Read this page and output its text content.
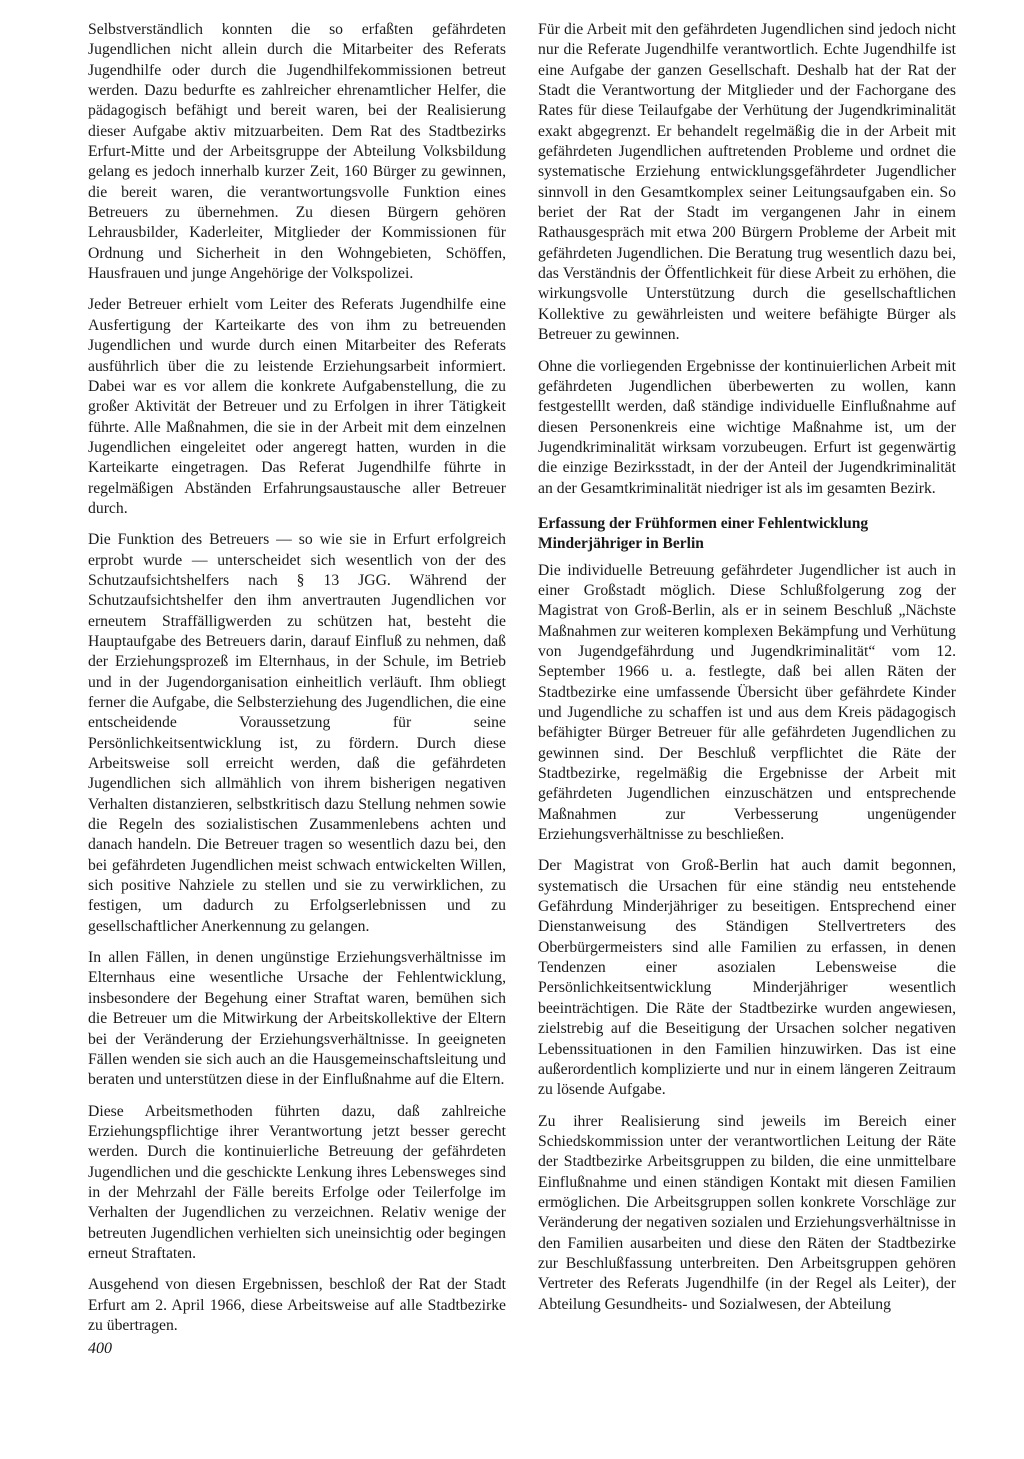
Selbstverständlich konnten die so erfaßten gefährdeten Jugendlichen nicht allein durch die Mitarbeiter des Referats Jugendhilfe oder durch die Jugendhilfekommissionen betreut werden. Dazu bedurfte es zahlreicher ehrenamtlicher Helfer, die pädagogisch befähigt und bereit waren, bei der Realisierung dieser Aufgabe aktiv mitzuarbeiten. Dem Rat des Stadtbezirks Erfurt-Mitte und der Arbeitsgruppe der Abteilung Volksbildung gelang es jedoch innerhalb kurzer Zeit, 160 Bürger zu gewinnen, die bereit waren, die verantwortungsvolle Funktion eines Betreuers zu übernehmen. Zu diesen Bürgern gehören Lehrausbilder, Kaderleiter, Mitglieder der Kommissionen für Ordnung und Sicherheit in den Wohngebieten, Schöffen, Hausfrauen und junge Angehörige der Volkspolizei.

Jeder Betreuer erhielt vom Leiter des Referats Jugendhilfe eine Ausfertigung der Karteikarte des von ihm zu betreuenden Jugendlichen und wurde durch einen Mitarbeiter des Referats ausführlich über die zu leistende Erziehungsarbeit informiert. Dabei war es vor allem die konkrete Aufgabenstellung, die zu großer Aktivität der Betreuer und zu Erfolgen in ihrer Tätigkeit führte. Alle Maßnahmen, die sie in der Arbeit mit dem einzelnen Jugendlichen eingeleitet oder angeregt hatten, wurden in die Karteikarte eingetragen. Das Referat Jugendhilfe führte in regelmäßigen Abständen Erfahrungsaustausche aller Betreuer durch.

Die Funktion des Betreuers — so wie sie in Erfurt erfolgreich erprobt wurde — unterscheidet sich wesentlich von der des Schutzaufsichtshelfers nach § 13 JGG. Während der Schutzaufsichtshelfer den ihm anvertrauten Jugendlichen vor erneutem Straffälligwerden zu schützen hat, besteht die Hauptaufgabe des Betreuers darin, darauf Einfluß zu nehmen, daß der Erziehungsprozeß im Elternhaus, in der Schule, im Betrieb und in der Jugendorganisation einheitlich verläuft. Ihm obliegt ferner die Aufgabe, die Selbsterziehung des Jugendlichen, die eine entscheidende Voraussetzung für seine Persönlichkeitsentwicklung ist, zu fördern. Durch diese Arbeitsweise soll erreicht werden, daß die gefährdeten Jugendlichen sich allmählich von ihrem bisherigen negativen Verhalten distanzieren, selbstkritisch dazu Stellung nehmen sowie die Regeln des sozialistischen Zusammenlebens achten und danach handeln. Die Betreuer tragen so wesentlich dazu bei, den bei gefährdeten Jugendlichen meist schwach entwickelten Willen, sich positive Nahziele zu stellen und sie zu verwirklichen, zu festigen, um dadurch zu Erfolgserlebnissen und zu gesellschaftlicher Anerkennung zu gelangen.

In allen Fällen, in denen ungünstige Erziehungsverhältnisse im Elternhaus eine wesentliche Ursache der Fehlentwicklung, insbesondere der Begehung einer Straftat waren, bemühen sich die Betreuer um die Mitwirkung der Arbeitskollektive der Eltern bei der Veränderung der Erziehungsverhältnisse. In geeigneten Fällen wenden sie sich auch an die Hausgemeinschaftsleitung und beraten und unterstützen diese in der Einflußnahme auf die Eltern.

Diese Arbeitsmethoden führten dazu, daß zahlreiche Erziehungspflichtige ihrer Verantwortung jetzt besser gerecht werden. Durch die kontinuierliche Betreuung der gefährdeten Jugendlichen und die geschickte Lenkung ihres Lebensweges sind in der Mehrzahl der Fälle bereits Erfolge oder Teilerfolge im Verhalten der Jugendlichen zu verzeichnen. Relativ wenige der betreuten Jugendlichen verhielten sich uneinsichtig oder begingen erneut Straftaten.

Ausgehend von diesen Ergebnissen, beschloß der Rat der Stadt Erfurt am 2. April 1966, diese Arbeitsweise auf alle Stadtbezirke zu übertragen.

Für die Arbeit mit den gefährdeten Jugendlichen sind jedoch nicht nur die Referate Jugendhilfe verantwortlich. Echte Jugendhilfe ist eine Aufgabe der ganzen Gesellschaft. Deshalb hat der Rat der Stadt die Verantwortung der Mitglieder und der Fachorgane des Rates für diese Teilaufgabe der Verhütung der Jugendkriminalität exakt abgegrenzt. Er behandelt regelmäßig die in der Arbeit mit gefährdeten Jugendlichen auftretenden Probleme und ordnet die systematische Erziehung entwicklungsgefährdeter Jugendlicher sinnvoll in den Gesamtkomplex seiner Leitungsaufgaben ein. So beriet der Rat der Stadt im vergangenen Jahr in einem Rathausgespräch mit etwa 200 Bürgern Probleme der Arbeit mit gefährdeten Jugendlichen. Die Beratung trug wesentlich dazu bei, das Verständnis der Öffentlichkeit für diese Arbeit zu erhöhen, die wirkungsvolle Unterstützung durch die gesellschaftlichen Kollektive zu gewährleisten und weitere befähigte Bürger als Betreuer zu gewinnen.

Ohne die vorliegenden Ergebnisse der kontinuierlichen Arbeit mit gefährdeten Jugendlichen überbewerten zu wollen, kann festgestelllt werden, daß ständige individuelle Einflußnahme auf diesen Personenkreis eine wichtige Maßnahme ist, um der Jugendkriminalität wirksam vorzubeugen. Erfurt ist gegenwärtig die einzige Bezirksstadt, in der der Anteil der Jugendkriminalität an der Gesamtkriminalität niedriger ist als im gesamten Bezirk.

Erfassung der Frühformen einer Fehlentwicklung Minderjähriger in Berlin

Die individuelle Betreuung gefährdeter Jugendlicher ist auch in einer Großstadt möglich. Diese Schlußfolgerung zog der Magistrat von Groß-Berlin, als er in seinem Beschluß „Nächste Maßnahmen zur weiteren komplexen Bekämpfung und Verhütung von Jugendgefährdung und Jugendkriminalität“ vom 12. September 1966 u. a. festlegte, daß bei allen Räten der Stadtbezirke eine umfassende Übersicht über gefährdete Kinder und Jugendliche zu schaffen ist und aus dem Kreis pädagogisch befähigter Bürger Betreuer für alle gefährdeten Jugendlichen zu gewinnen sind. Der Beschluß verpflichtet die Räte der Stadtbezirke, regelmäßig die Ergebnisse der Arbeit mit gefährdeten Jugendlichen einzuschätzen und entsprechende Maßnahmen zur Verbesserung ungenügender Erziehungsverhältnisse zu beschließen.

Der Magistrat von Groß-Berlin hat auch damit begonnen, systematisch die Ursachen für eine ständig neu entstehende Gefährdung Minderjähriger zu beseitigen. Entsprechend einer Dienstanweisung des Ständigen Stellvertreters des Oberbürgermeisters sind alle Familien zu erfassen, in denen Tendenzen einer asozialen Lebensweise die Persönlichkeitsentwicklung Minderjähriger wesentlich beeinträchtigen. Die Räte der Stadtbezirke wurden angewiesen, zielstrebig auf die Beseitigung der Ursachen solcher negativen Lebenssituationen in den Familien hinzuwirken. Das ist eine außerordentlich komplizierte und nur in einem längeren Zeitraum zu lösende Aufgabe.

Zu ihrer Realisierung sind jeweils im Bereich einer Schiedskommission unter der verantwortlichen Leitung der Räte der Stadtbezirke Arbeitsgruppen zu bilden, die eine unmittelbare Einflußnahme und einen ständigen Kontakt mit diesen Familien ermöglichen. Die Arbeitsgruppen sollen konkrete Vorschläge zur Veränderung der negativen sozialen und Erziehungsverhältnisse in den Familien ausarbeiten und diese den Räten der Stadtbezirke zur Beschlußfassung unterbreiten. Den Arbeitsgruppen gehören Vertreter des Referats Jugendhilfe (in der Regel als Leiter), der Abteilung Gesundheits- und Sozialwesen, der Abteilung

400
